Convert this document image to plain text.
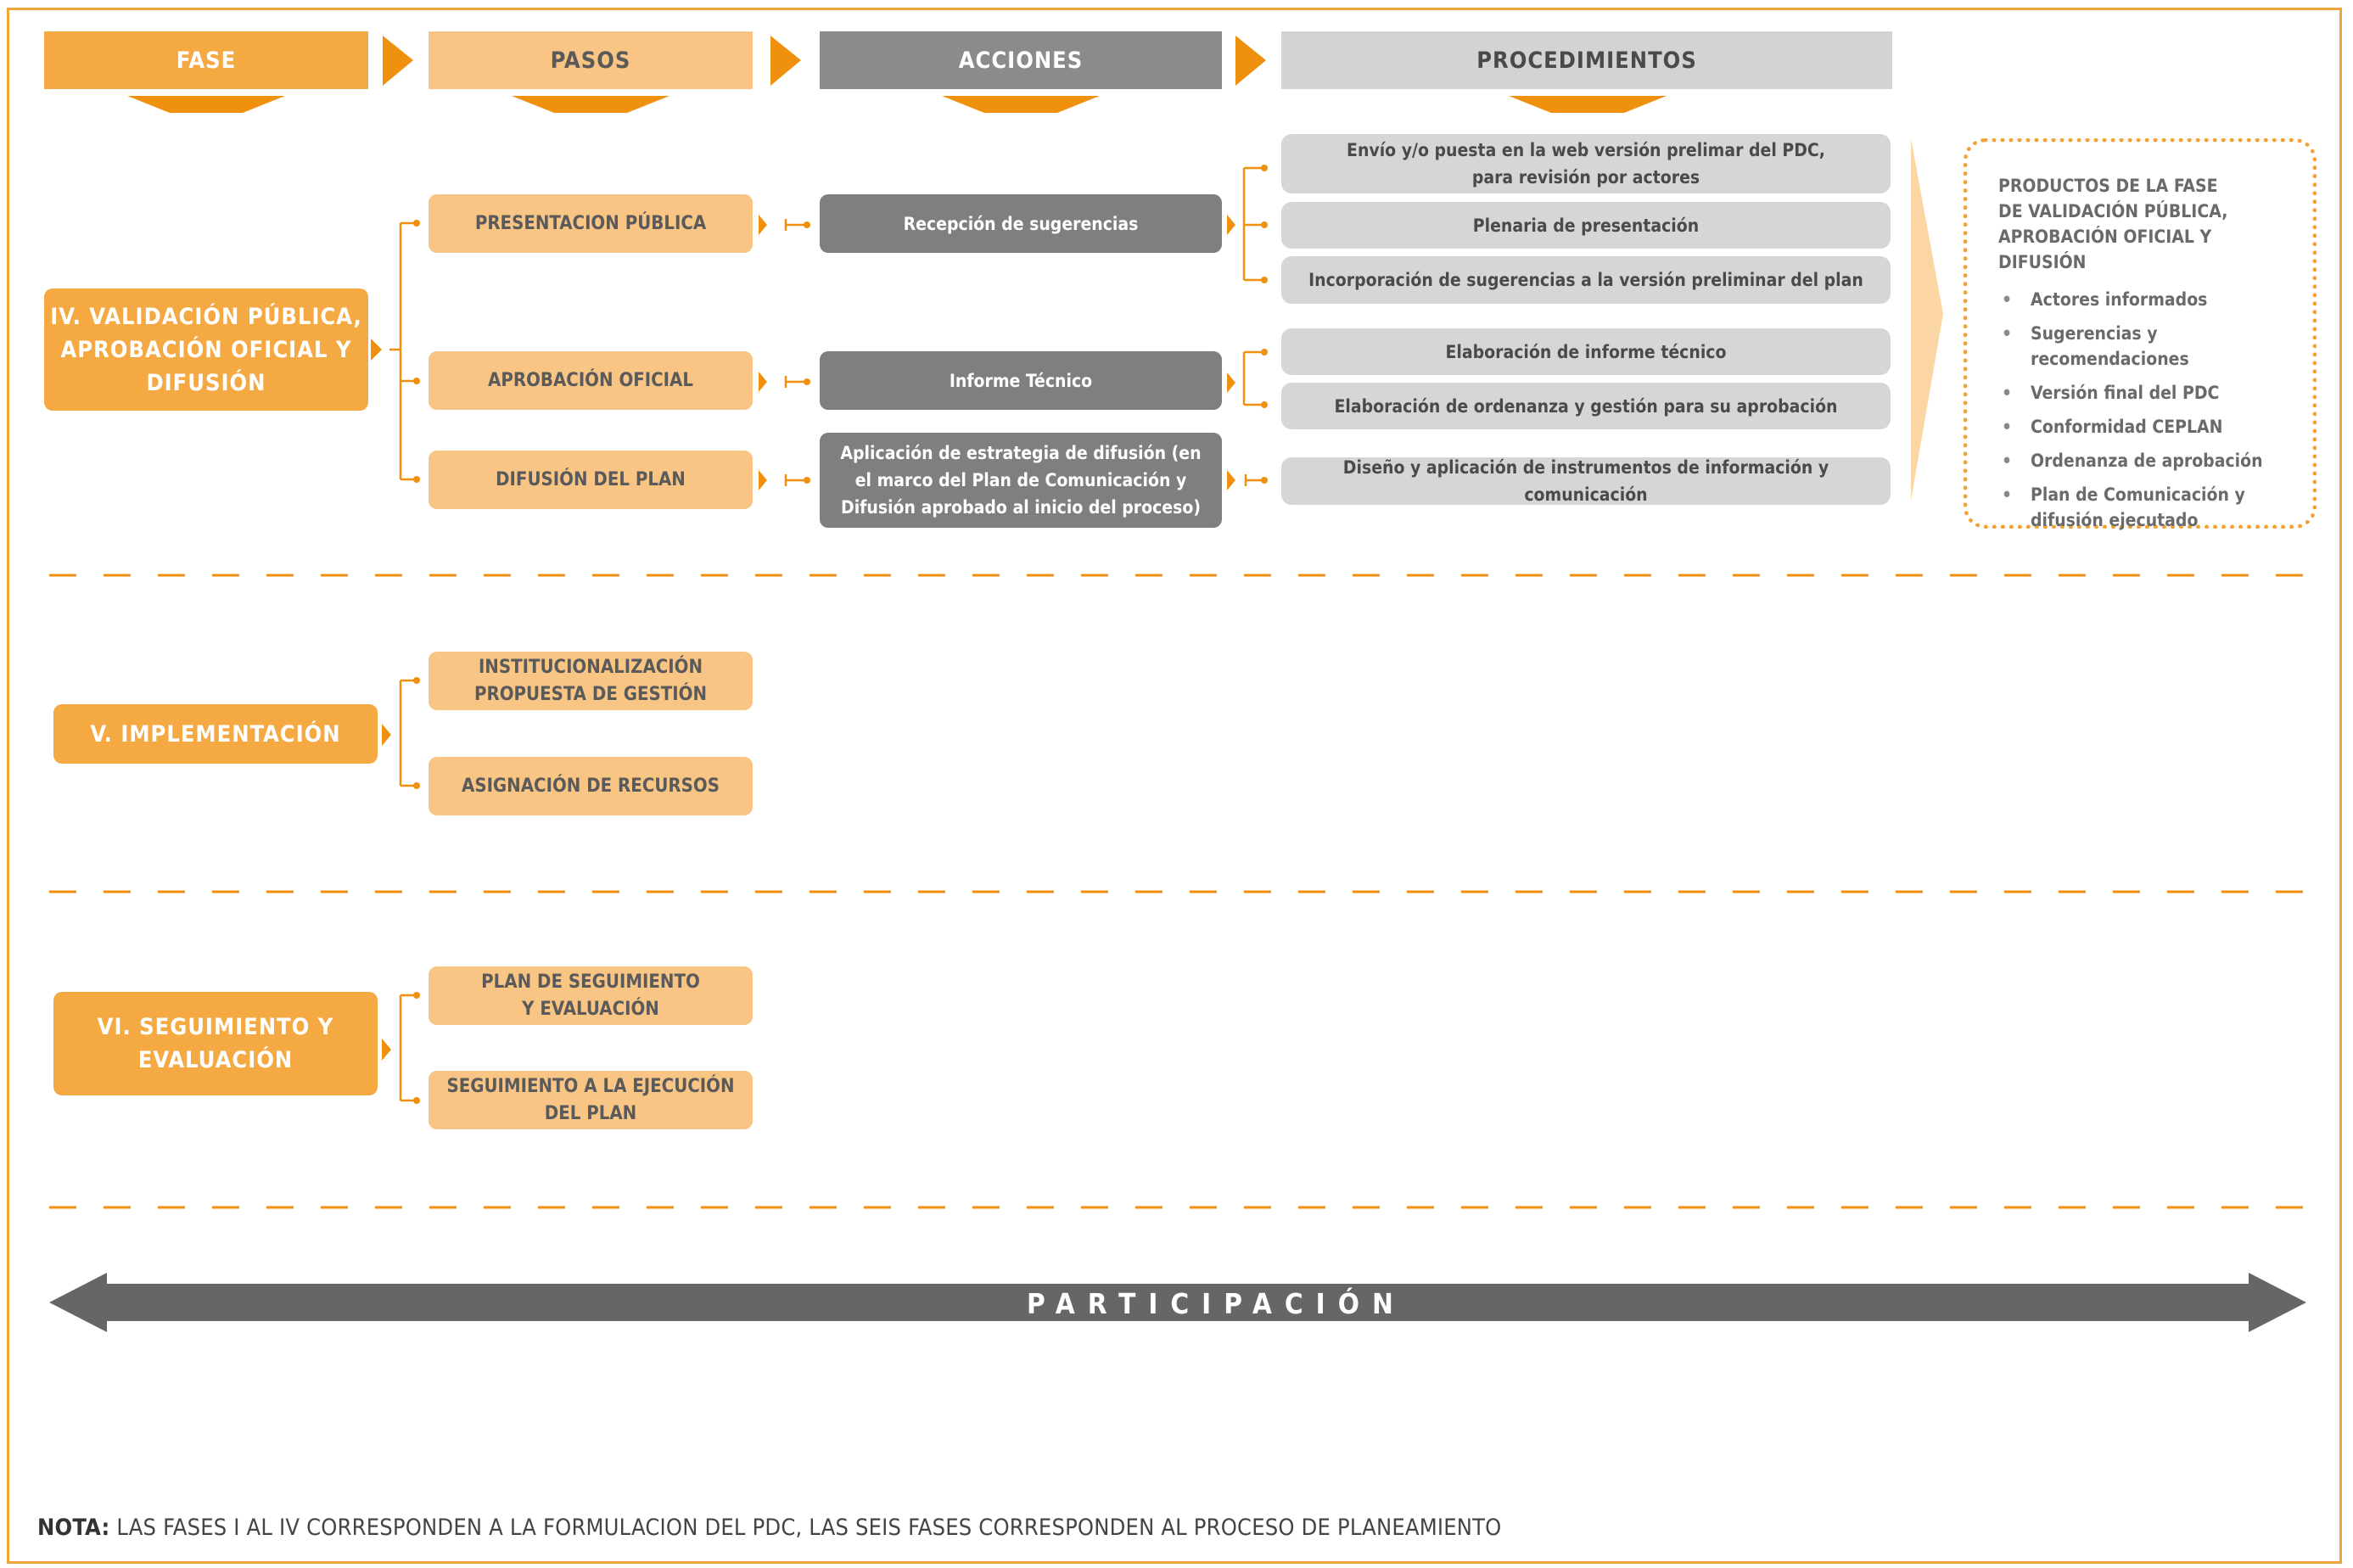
FASE	PASOS	ACCIONES	PROCEDIMIENTOS
IV. VALIDACIÓN PÚBLICA,
APROBACIÓN OFICIAL Y
DIFUSIÓN
PRESENTACION PÚBLICA
APROBACIÓN OFICIAL
DIFUSIÓN DEL PLAN
Recepción de sugerencias
Informe Técnico
Aplicación de estrategia de difusión (en
el marco del Plan de Comunicación y
Difusión aprobado al inicio del proceso)
Envío y/o puesta en la web versión prelimar del PDC,
para revisión por actores
Plenaria de presentación
Incorporación de sugerencias a la versión preliminar del plan
Elaboración de informe técnico
Elaboración de ordenanza y gestión para su aprobación
Diseño y aplicación de instrumentos de información y comunicación
PRODUCTOS DE LA FASE
DE VALIDACIÓN PÚBLICA,
APROBACIÓN OFICIAL Y DIFUSIÓN
• Actores informados
• Sugerencias y
recomendaciones
• Versión final del PDC
• Conformidad CEPLAN
• Ordenanza de aprobación
• Plan de Comunicación y
difusión ejecutado
V. IMPLEMENTACIÓN
INSTITUCIONALIZACIÓN
PROPUESTA DE GESTIÓN
ASIGNACIÓN DE RECURSOS
VI. SEGUIMIENTO Y
EVALUACIÓN
PLAN DE SEGUIMIENTO
Y EVALUACIÓN
SEGUIMIENTO A LA EJECUCIÓN
DEL PLAN
PARTICIPACIÓN
NOTA: LAS FASES I AL IV CORRESPONDEN A LA FORMULACION DEL PDC, LAS SEIS FASES CORRESPONDEN AL PROCESO DE PLANEAMIENTO
